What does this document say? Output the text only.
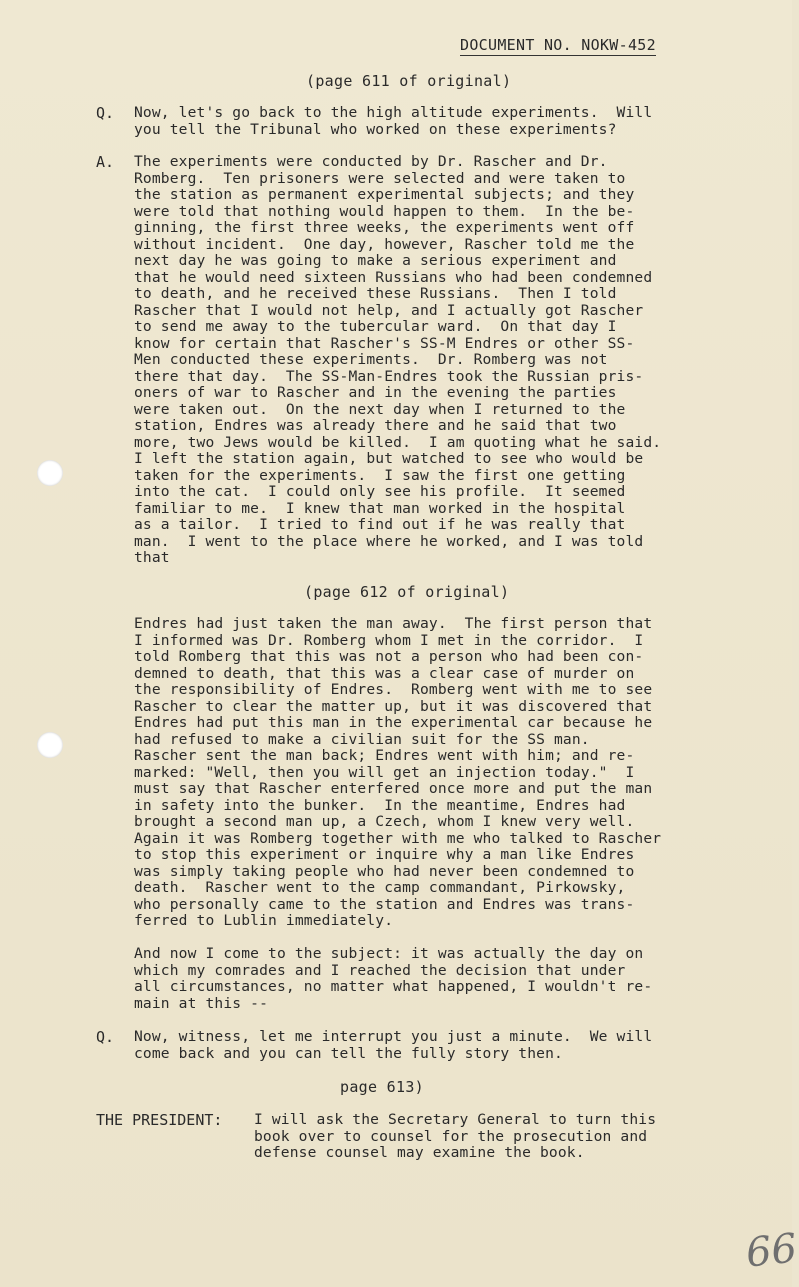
DOCUMENT NO. NOKW-452
(page 611 of original)
Q. Now, let's go back to the high altitude experiments.  Will
you tell the Tribunal who worked on these experiments?
A. The experiments were conducted by Dr. Rascher and Dr.
Romberg.  Ten prisoners were selected and were taken to
the station as permanent experimental subjects; and they
were told that nothing would happen to them.  In the be-
ginning, the first three weeks, the experiments went off
without incident.  One day, however, Rascher told me the
next day he was going to make a serious experiment and
that he would need sixteen Russians who had been condemned
to death, and he received these Russians.  Then I told
Rascher that I would not help, and I actually got Rascher
to send me away to the tubercular ward.  On that day I
know for certain that Rascher's SS-M Endres or other SS-
Men conducted these experiments.  Dr. Romberg was not
there that day.  The SS-Man-Endres took the Russian pris-
oners of war to Rascher and in the evening the parties
were taken out.  On the next day when I returned to the
station, Endres was already there and he said that two
more, two Jews would be killed.  I am quoting what he said.
I left the station again, but watched to see who would be
taken for the experiments.  I saw the first one getting
into the cat.  I could only see his profile.  It seemed
familiar to me.  I knew that man worked in the hospital
as a tailor.  I tried to find out if he was really that
man.  I went to the place where he worked, and I was told
that
(page 612 of original)
Endres had just taken the man away.  The first person that
I informed was Dr. Romberg whom I met in the corridor.  I
told Romberg that this was not a person who had been con-
demned to death, that this was a clear case of murder on
the responsibility of Endres.  Romberg went with me to see
Rascher to clear the matter up, but it was discovered that
Endres had put this man in the experimental car because he
had refused to make a civilian suit for the SS man.
Rascher sent the man back; Endres went with him; and re-
marked: "Well, then you will get an injection today."  I
must say that Rascher enterfered once more and put the man
in safety into the bunker.  In the meantime, Endres had
brought a second man up, a Czech, whom I knew very well.
Again it was Romberg together with me who talked to Rascher
to stop this experiment or inquire why a man like Endres
was simply taking people who had never been condemned to
death.  Rascher went to the camp commandant, Pirkowsky,
who personally came to the station and Endres was trans-
ferred to Lublin immediately.
And now I come to the subject: it was actually the day on
which my comrades and I reached the decision that under
all circumstances, no matter what happened, I wouldn't re-
main at this --
Q. Now, witness, let me interrupt you just a minute.  We will
come back and you can tell the fully story then.
page 613)
THE PRESIDENT: I will ask the Secretary General to turn this
book over to counsel for the prosecution and
defense counsel may examine the book.
66
